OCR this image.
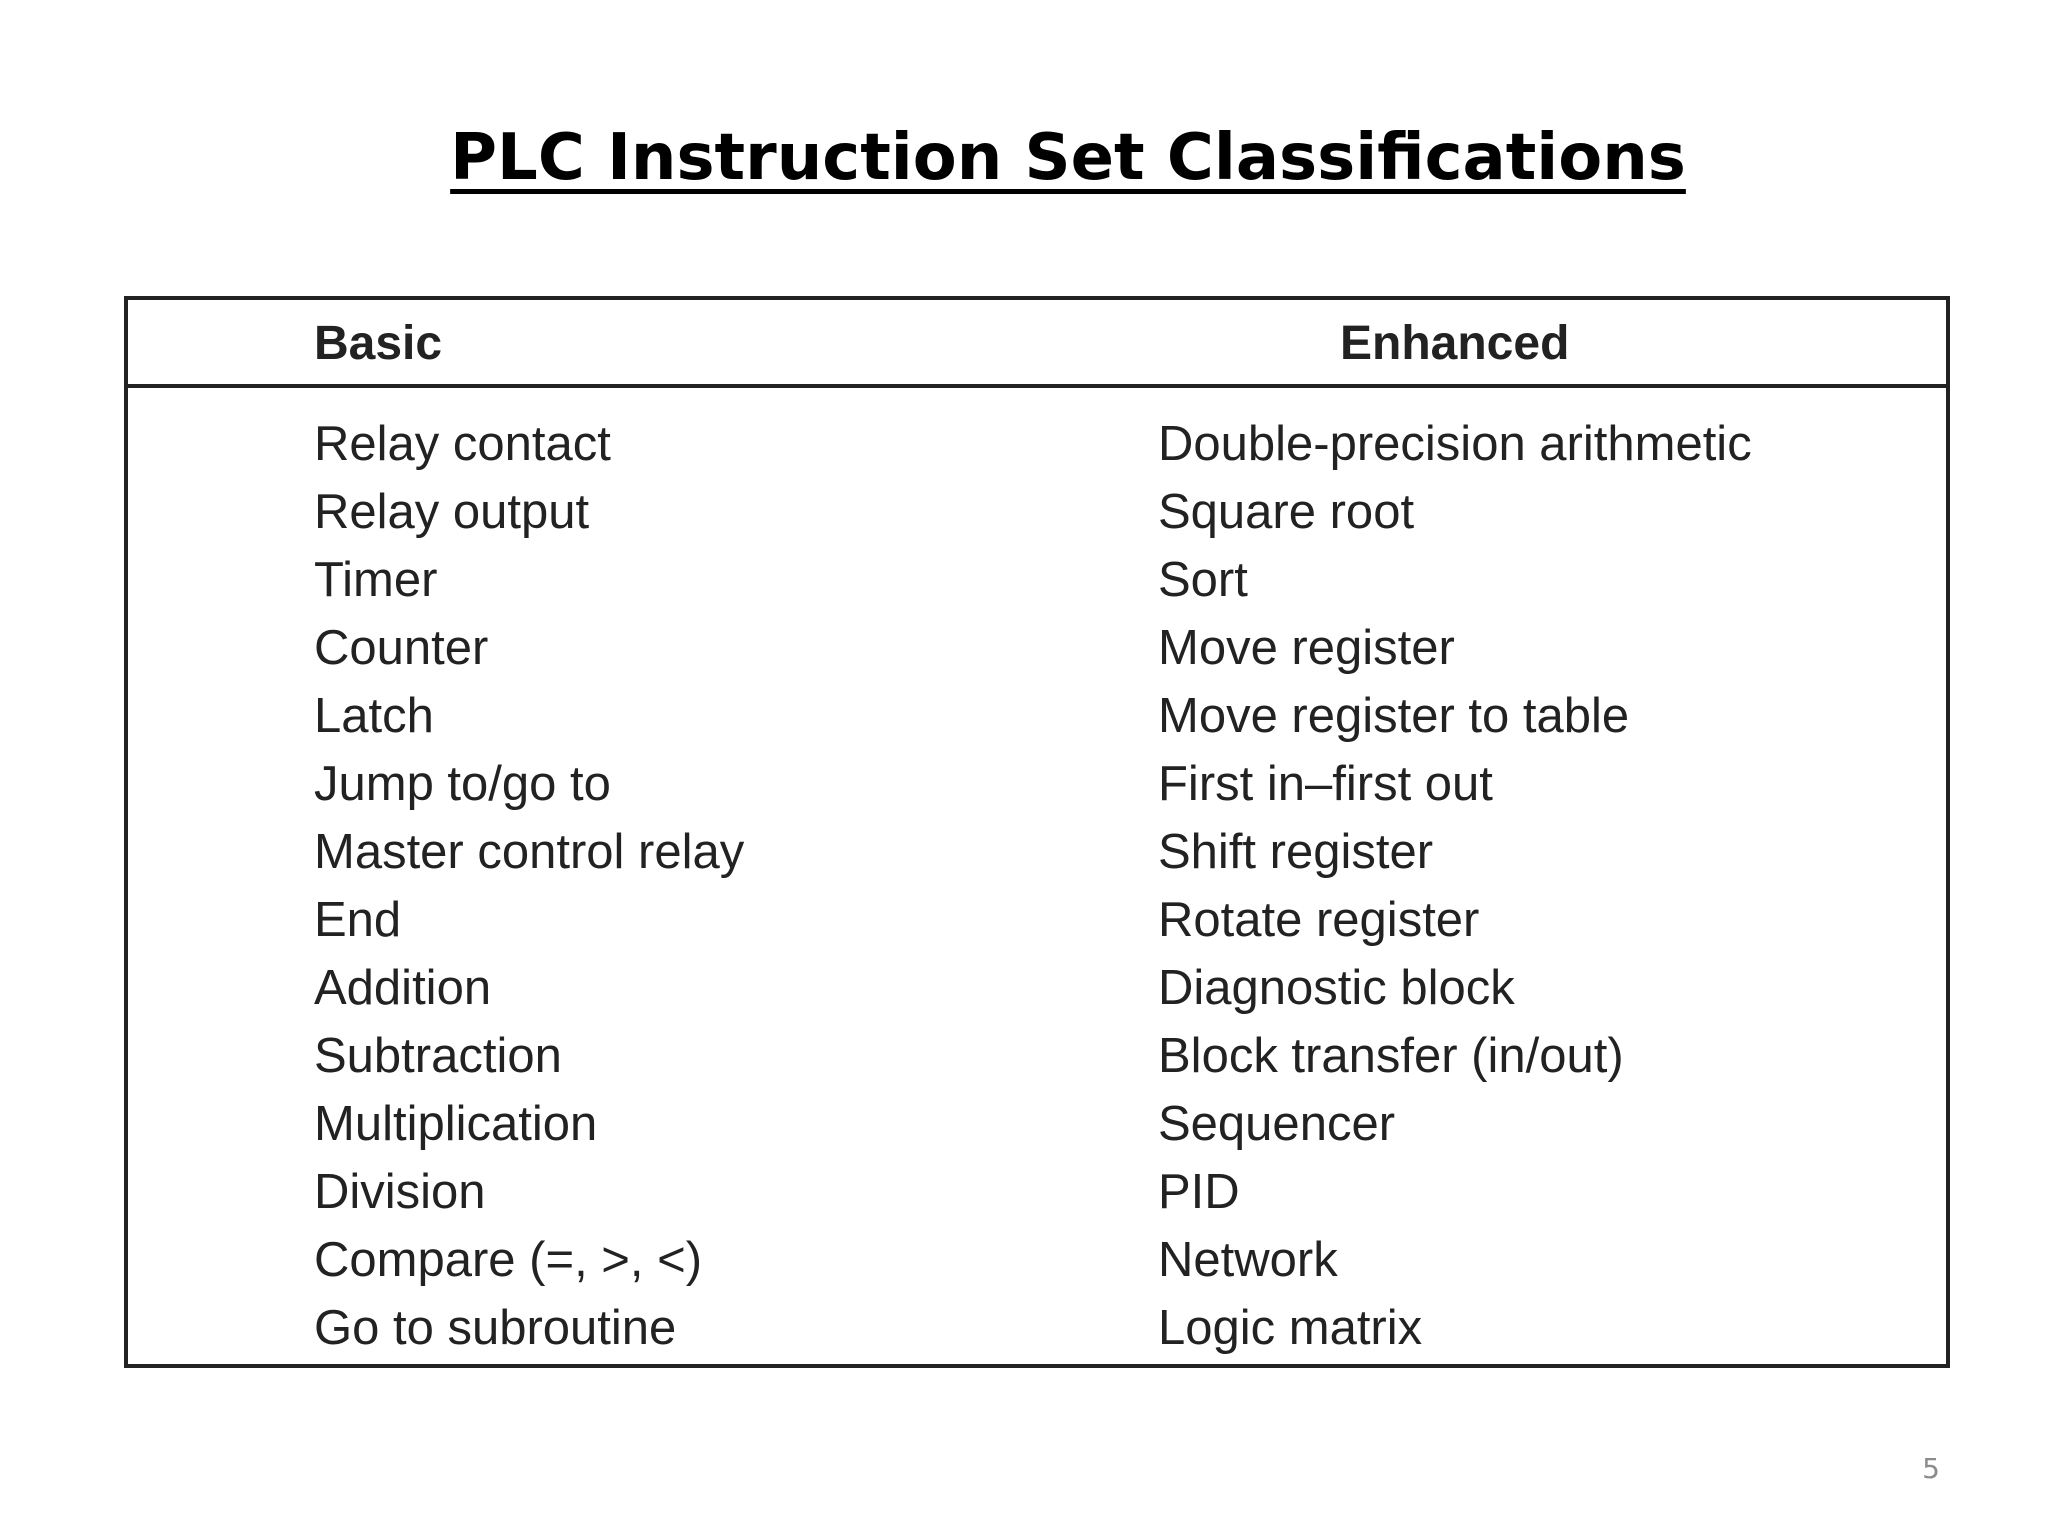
PLC Instruction Set Classifications
Basic	Enhanced
Relay contact
Relay output
Timer
Counter
Latch
Jump to/go to
Master control relay
End
Addition
Subtraction
Multiplication
Division
Compare (=, >, <)
Go to subroutine
Double-precision arithmetic
Square root
Sort
Move register
Move register to table
First in–first out
Shift register
Rotate register
Diagnostic block
Block transfer (in/out)
Sequencer
PID
Network
Logic matrix
5
